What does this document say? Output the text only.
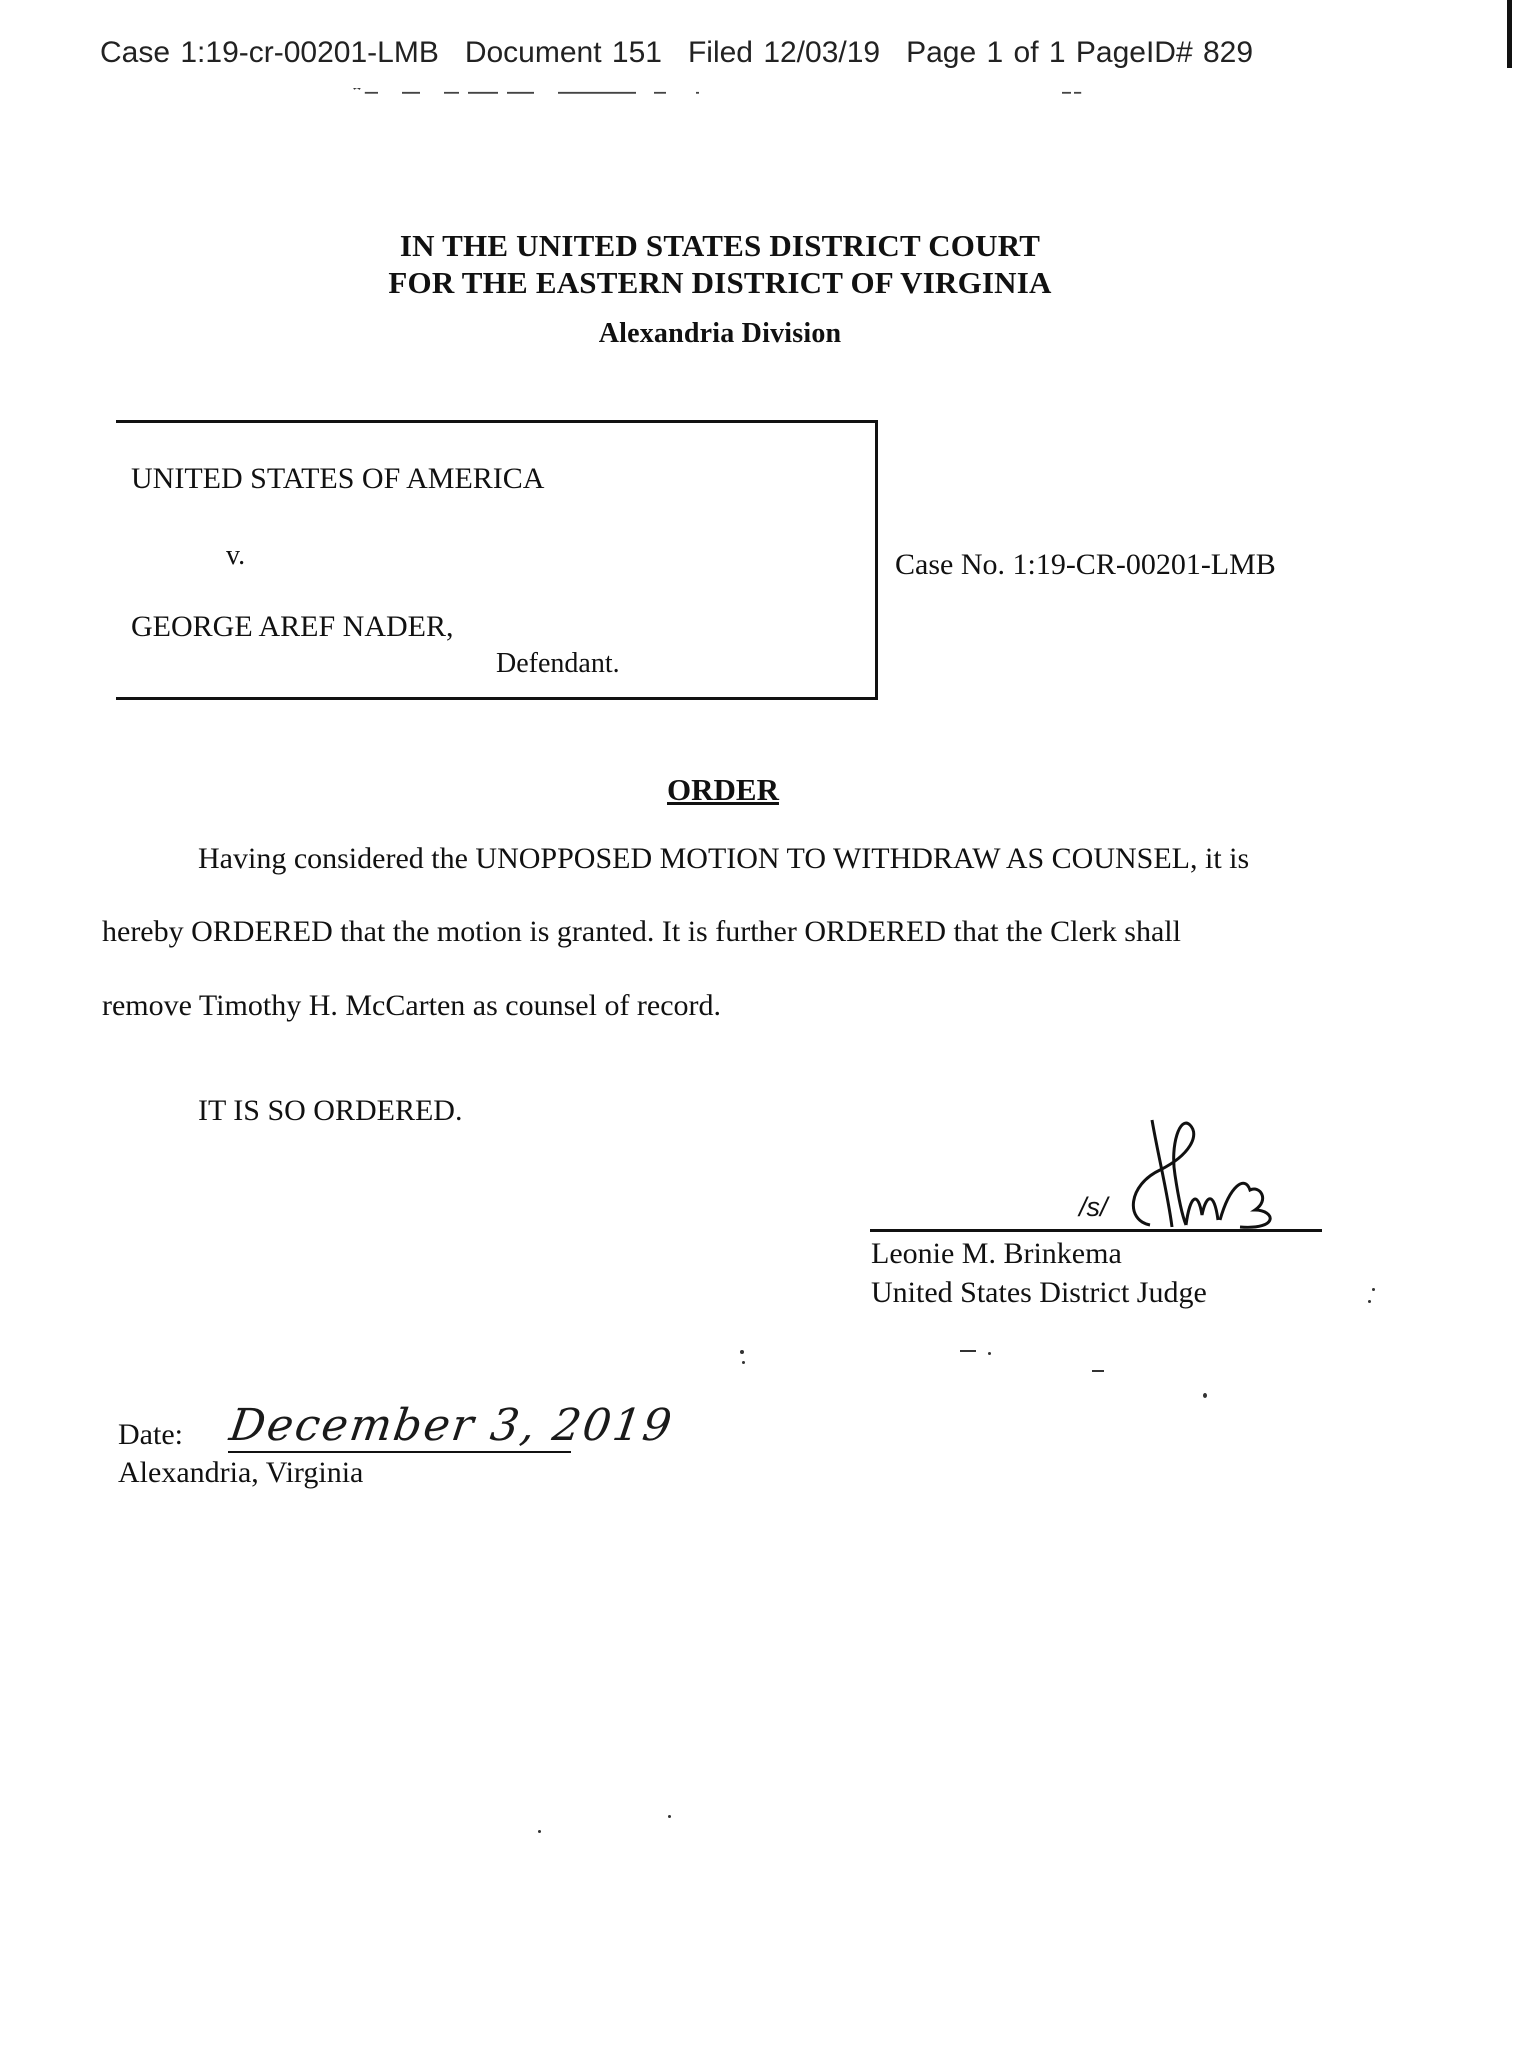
Case 1:19-cr-00201-LMB Document 151 Filed 12/03/19 Page 1 of 1 PageID# 829
IN THE UNITED STATES DISTRICT COURT
FOR THE EASTERN DISTRICT OF VIRGINIA
Alexandria Division
UNITED STATES OF AMERICA
v.
GEORGE AREF NADER,
Defendant.
Case No. 1:19-CR-00201-LMB
ORDER
Having considered the UNOPPOSED MOTION TO WITHDRAW AS COUNSEL, it is
hereby ORDERED that the motion is granted. It is further ORDERED that the Clerk shall
remove Timothy H. McCarten as counsel of record.
IT IS SO ORDERED.
/s/
Leonie M. Brinkema
United States District Judge
Date: December 3, 2019
Alexandria, Virginia
